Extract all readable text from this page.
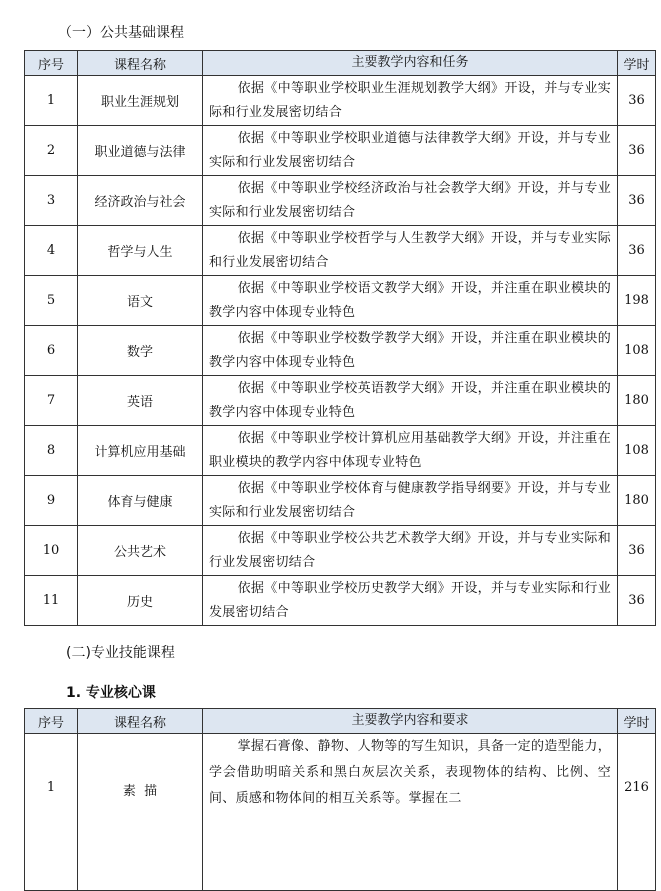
（一）公共基础课程
序号	课程名称	主要教学内容和任务	学时
1	职业生涯规划	依据《中等职业学校职业生涯规划教学大纲》开设，并与专业实际和行业发展密切结合	36
2	职业道德与法律	依据《中等职业学校职业道德与法律教学大纲》开设，并与专业实际和行业发展密切结合	36
3	经济政治与社会	依据《中等职业学校经济政治与社会教学大纲》开设，并与专业实际和行业发展密切结合	36
4	哲学与人生	依据《中等职业学校哲学与人生教学大纲》开设，并与专业实际和行业发展密切结合	36
5	语文	依据《中等职业学校语文教学大纲》开设，并注重在职业模块的教学内容中体现专业特色	198
6	数学	依据《中等职业学校数学教学大纲》开设，并注重在职业模块的教学内容中体现专业特色	108
7	英语	依据《中等职业学校英语教学大纲》开设，并注重在职业模块的教学内容中体现专业特色	180
8	计算机应用基础	依据《中等职业学校计算机应用基础教学大纲》开设，并注重在职业模块的教学内容中体现专业特色	108
9	体育与健康	依据《中等职业学校体育与健康教学指导纲要》开设，并与专业实际和行业发展密切结合	180
10	公共艺术	依据《中等职业学校公共艺术教学大纲》开设，并与专业实际和行业发展密切结合	36
11	历史	依据《中等职业学校历史教学大纲》开设，并与专业实际和行业发展密切结合	36
(二)专业技能课程
1. 专业核心课
序号	课程名称	主要教学内容和要求	学时
1	素  描	掌握石膏像、静物、人物等的写生知识，具备一定的造型能力，学会借助明暗关系和黑白灰层次关系，表现物体的结构、比例、空间、质感和物体间的相互关系等。掌握在二	216
